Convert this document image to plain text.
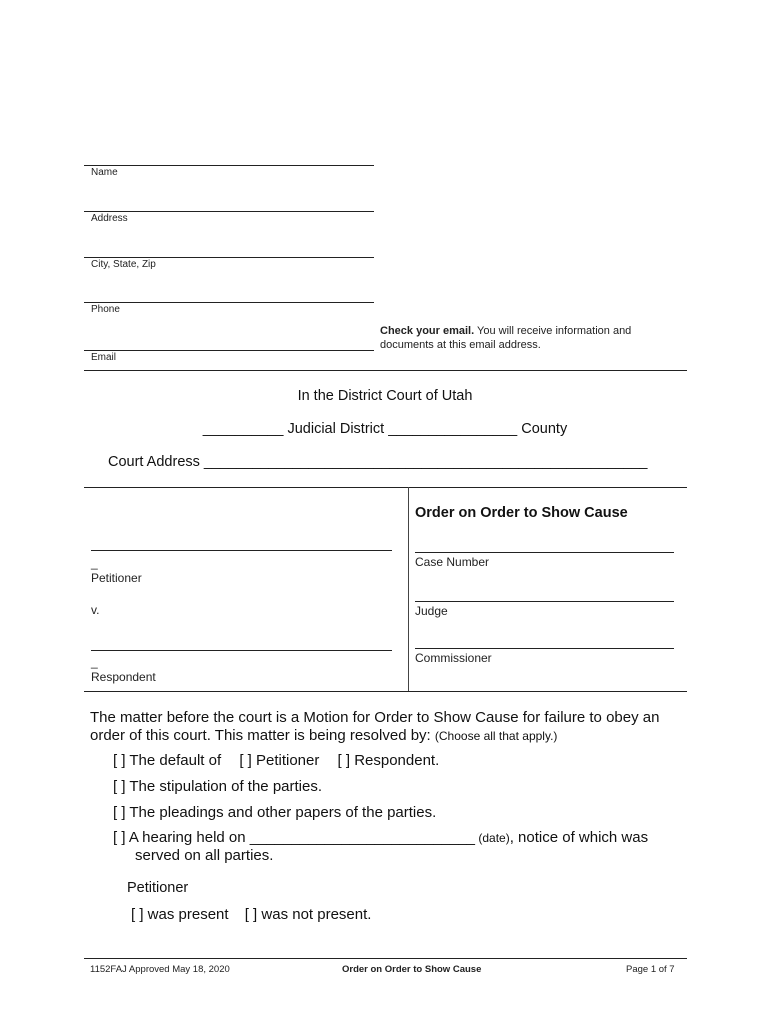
Name
Address
City, State, Zip
Phone
Email
Check your email. You will receive information and
documents at this email address.
In the District Court of Utah
__________ Judicial District ________________ County
Court Address _______________________________________________________
Order on Order to Show Cause
_
Petitioner
v.
_
Respondent
Case Number
Judge
Commissioner
The matter before the court is a Motion for Order to Show Cause for failure to obey an
order of this court. This matter is being resolved by: (Choose all that apply.)
[ ] The default of [ ] Petitioner [ ] Respondent.
[ ] The stipulation of the parties.
[ ] The pleadings and other papers of the parties.
[ ] A hearing held on ___________________________ (date), notice of which was
served on all parties.
Petitioner
[ ] was present [ ] was not present.
1152FAJ Approved May 18, 2020	Order on Order to Show Cause	Page 1 of 7
